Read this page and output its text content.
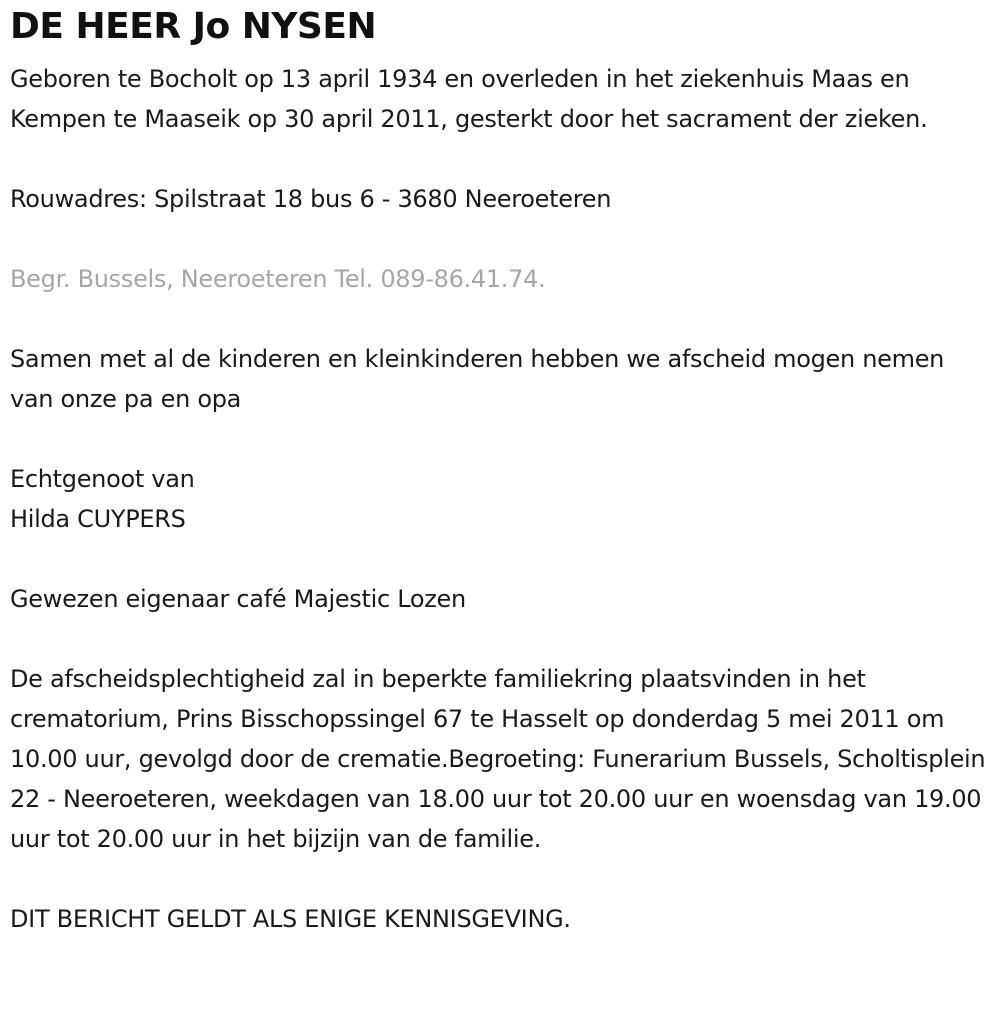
DE HEER Jo NYSEN

Geboren te Bocholt op 13 april 1934 en overleden in het ziekenhuis Maas en Kempen te Maaseik op 30 april 2011, gesterkt door het sacrament der zieken.

Rouwadres: Spilstraat 18 bus 6 - 3680 Neeroeteren

Begr. Bussels, Neeroeteren Tel. 089-86.41.74.

Samen met al de kinderen en kleinkinderen hebben we afscheid mogen nemen van onze pa en opa

Echtgenoot van

Hilda CUYPERS

Gewezen eigenaar café Majestic Lozen

De afscheidsplechtigheid zal in beperkte familiekring plaatsvinden in het crematorium, Prins Bisschopssingel 67 te Hasselt op donderdag 5 mei 2011 om 10.00 uur, gevolgd door de crematie.Begroeting: Funerarium Bussels, Scholtisplein 22 - Neeroeteren, weekdagen van 18.00 uur tot 20.00 uur en woensdag van 19.00 uur tot 20.00 uur in het bijzijn van de familie.

DIT BERICHT GELDT ALS ENIGE KENNISGEVING.
